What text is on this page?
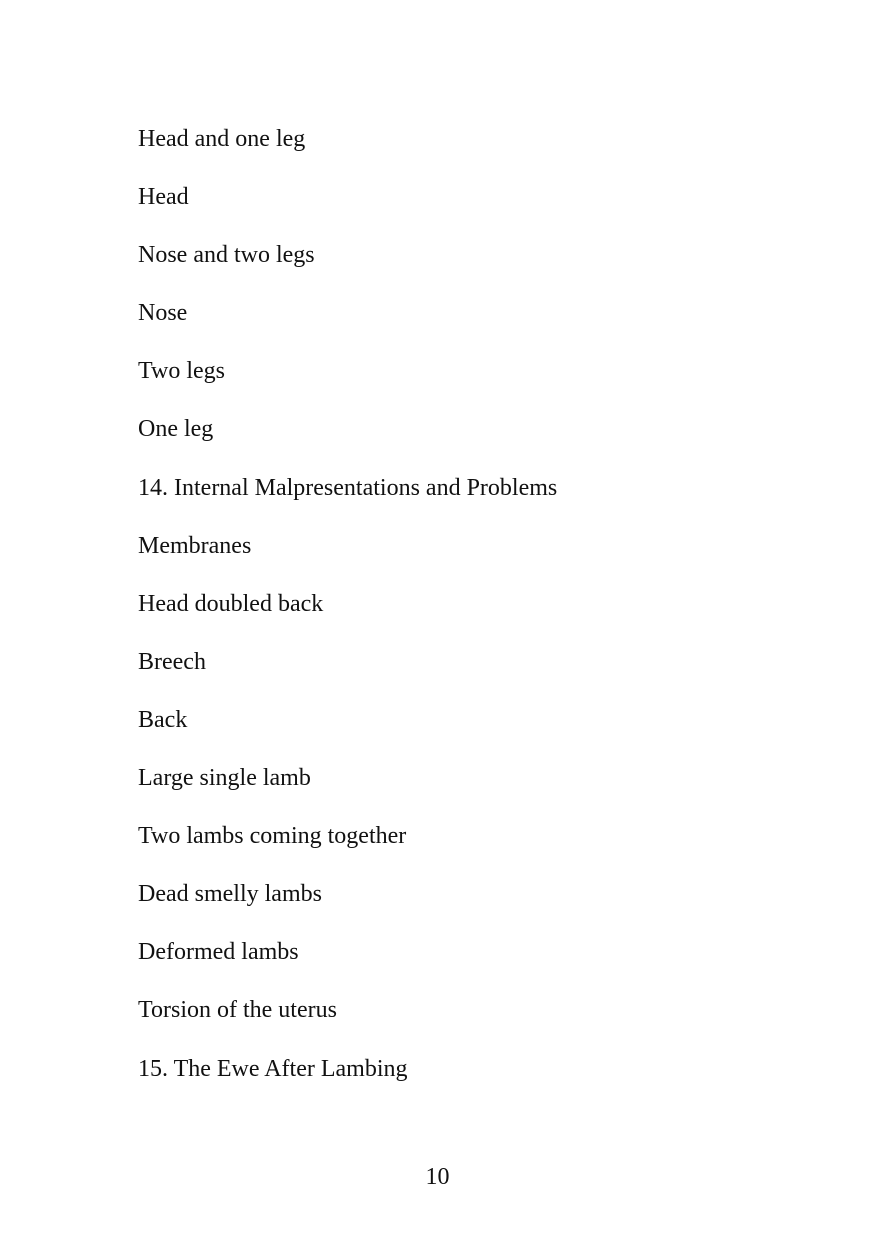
Head and one leg
Head
Nose and two legs
Nose
Two legs
One leg
14. Internal Malpresentations and Problems
Membranes
Head doubled back
Breech
Back
Large single lamb
Two lambs coming together
Dead smelly lambs
Deformed lambs
Torsion of the uterus
15. The Ewe After Lambing
10
